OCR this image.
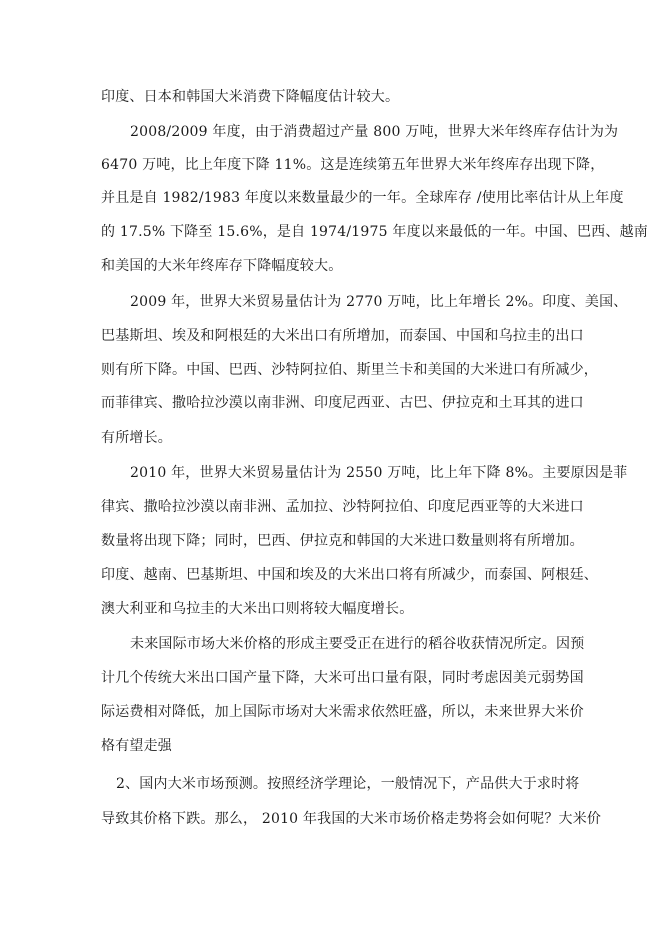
印度、日本和韩国大米消费下降幅度估计较大。
2008/2009 年度，由于消费超过产量 800 万吨，世界大米年终库存估计为为
6470 万吨，比上年度下降 11%。这是连续第五年世界大米年终库存出现下降，
并且是自 1982/1983 年度以来数量最少的一年。全球库存 /使用比率估计从上年度
的 17.5% 下降至 15.6%，是自 1974/1975 年度以来最低的一年。中国、巴西、越南
和美国的大米年终库存下降幅度较大。
2009 年，世界大米贸易量估计为 2770 万吨，比上年增长 2%。印度、美国、
巴基斯坦、埃及和阿根廷的大米出口有所增加，而泰国、中国和乌拉圭的出口
则有所下降。中国、巴西、沙特阿拉伯、斯里兰卡和美国的大米进口有所减少，
而菲律宾、撒哈拉沙漠以南非洲、印度尼西亚、古巴、伊拉克和土耳其的进口
有所增长。
2010 年，世界大米贸易量估计为 2550 万吨，比上年下降 8%。主要原因是菲
律宾、撒哈拉沙漠以南非洲、孟加拉、沙特阿拉伯、印度尼西亚等的大米进口
数量将出现下降；同时，巴西、伊拉克和韩国的大米进口数量则将有所增加。
印度、越南、巴基斯坦、中国和埃及的大米出口将有所减少，而泰国、阿根廷、
澳大利亚和乌拉圭的大米出口则将较大幅度增长。
未来国际市场大米价格的形成主要受正在进行的稻谷收获情况所定。因预
计几个传统大米出口国产量下降，大米可出口量有限，同时考虑因美元弱势国
际运费相对降低，加上国际市场对大米需求依然旺盛，所以，未来世界大米价
格有望走强
2、国内大米市场预测。按照经济学理论，一般情况下，产品供大于求时将
导致其价格下跌。那么， 2010 年我国的大米市场价格走势将会如何呢？大米价
